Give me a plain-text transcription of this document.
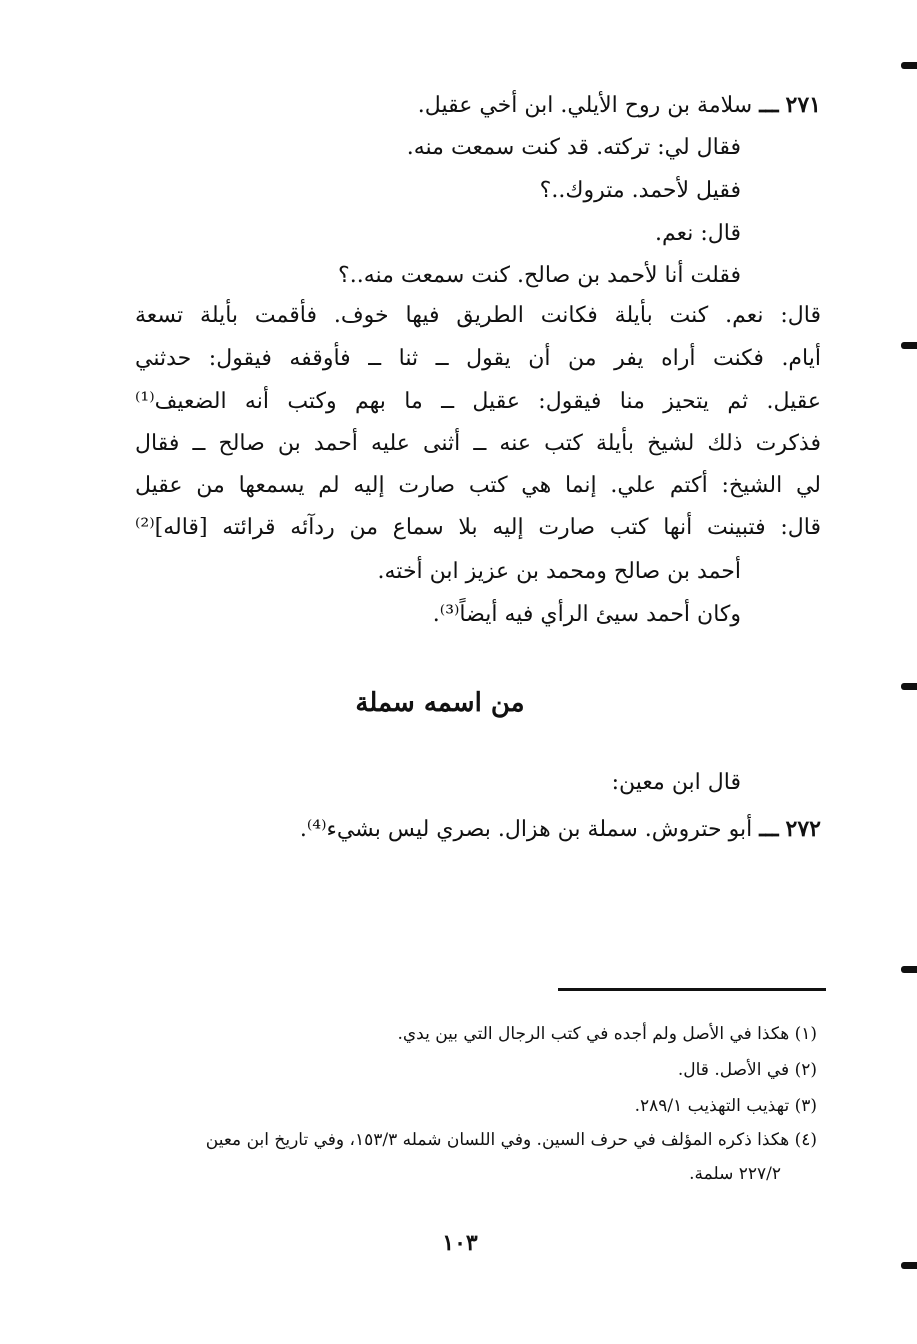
٢٧١ ـــ سلامة بن روح الأيلي. ابن أخي عقيل.
فقال لي: تركته. قد كنت سمعت منه.
فقيل لأحمد. متروك..؟
قال: نعم.
فقلت أنا لأحمد بن صالح. كنت سمعت منه..؟
قال: نعم. كنت بأيلة فكانت الطريق فيها خوف. فأقمت بأيلة تسعة
أيام. فكنت أراه يفر من أن يقول ــ ثنا ــ فأوقفه فيقول: حدثني
عقيل. ثم يتحيز منا فيقول: عقيل ــ ما بهم وكتب أنه الضعيف⁽¹⁾
فذكرت ذلك لشيخ بأيلة كتب عنه ــ أثنى عليه أحمد بن صالح ــ فقال
لي الشيخ: أكتم علي. إنما هي كتب صارت إليه لم يسمعها من عقيل
قال: فتبينت أنها كتب صارت إليه بلا سماع من ردآئه قرائته [قاله]⁽²⁾
أحمد بن صالح ومحمد بن عزيز ابن أخته.
وكان أحمد سيئ الرأي فيه أيضاً⁽³⁾.
من اسمه سملة
قال ابن معين:
٢٧٢ ـــ أبو حتروش. سملة بن هزال. بصري ليس بشيء⁽⁴⁾.
(١) هكذا في الأصل ولم أجده في كتب الرجال التي بين يدي.
(٢) في الأصل. قال.
(٣) تهذيب التهذيب ٢٨٩/١.
(٤) هكذا ذكره المؤلف في حرف السين. وفي اللسان شمله ١٥٣/٣، وفي تاريخ ابن معين
٢٢٧/٢ سلمة.
١٠٣
